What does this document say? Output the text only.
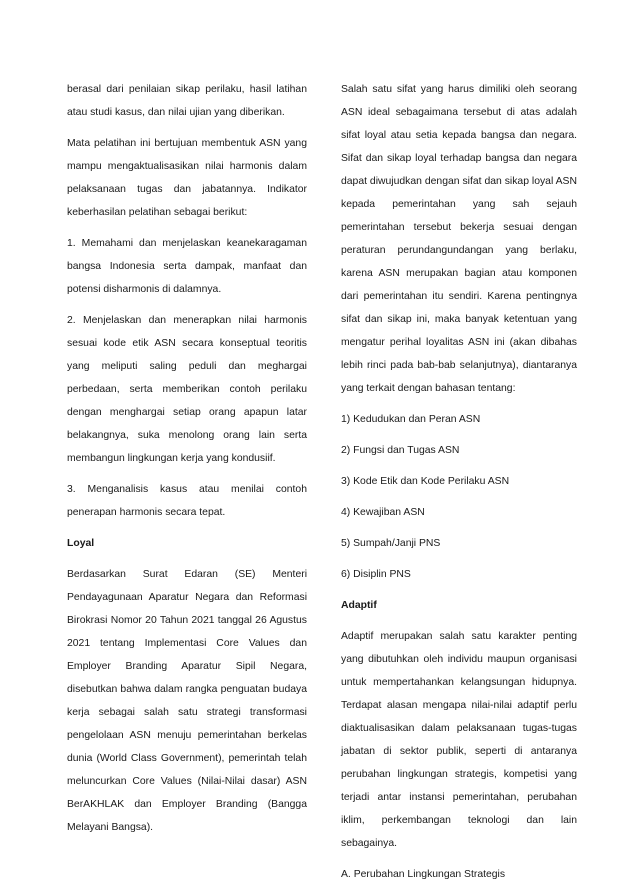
berasal dari penilaian sikap perilaku, hasil latihan atau studi kasus, dan nilai ujian yang diberikan.

Mata pelatihan ini bertujuan membentuk ASN yang mampu mengaktualisasikan nilai harmonis dalam pelaksanaan tugas dan jabatannya. Indikator keberhasilan pelatihan sebagai berikut:

1. Memahami dan menjelaskan keanekaragaman bangsa Indonesia serta dampak, manfaat dan potensi disharmonis di dalamnya.

2. Menjelaskan dan menerapkan nilai harmonis sesuai kode etik ASN secara konseptual teoritis yang meliputi saling peduli dan meghargai perbedaan, serta memberikan contoh perilaku dengan menghargai setiap orang apapun latar belakangnya, suka menolong orang lain serta membangun lingkungan kerja yang kondusiif.

3. Menganalisis kasus atau menilai contoh penerapan harmonis secara tepat.

Loyal

Berdasarkan Surat Edaran (SE) Menteri Pendayagunaan Aparatur Negara dan Reformasi Birokrasi Nomor 20 Tahun 2021 tanggal 26 Agustus 2021 tentang Implementasi Core Values dan Employer Branding Aparatur Sipil Negara, disebutkan bahwa dalam rangka penguatan budaya kerja sebagai salah satu strategi transformasi pengelolaan ASN menuju pemerintahan berkelas dunia (World Class Government), pemerintah telah meluncurkan Core Values (Nilai-Nilai dasar) ASN BerAKHLAK dan Employer Branding (Bangga Melayani Bangsa).

Salah satu sifat yang harus dimiliki oleh seorang ASN ideal sebagaimana tersebut di atas adalah sifat loyal atau setia kepada bangsa dan negara. Sifat dan sikap loyal terhadap bangsa dan negara dapat diwujudkan dengan sifat dan sikap loyal ASN kepada pemerintahan yang sah sejauh pemerintahan tersebut bekerja sesuai dengan peraturan perundangundangan yang berlaku, karena ASN merupakan bagian atau komponen dari pemerintahan itu sendiri. Karena pentingnya sifat dan sikap ini, maka banyak ketentuan yang mengatur perihal loyalitas ASN ini (akan dibahas lebih rinci pada bab-bab selanjutnya), diantaranya yang terkait dengan bahasan tentang:

1) Kedudukan dan Peran ASN

2) Fungsi dan Tugas ASN

3) Kode Etik dan Kode Perilaku ASN

4) Kewajiban ASN

5) Sumpah/Janji PNS

6) Disiplin PNS

Adaptif

Adaptif merupakan salah satu karakter penting yang dibutuhkan oleh individu maupun organisasi untuk mempertahankan kelangsungan hidupnya. Terdapat alasan mengapa nilai-nilai adaptif perlu diaktualisasikan dalam pelaksanaan tugas-tugas jabatan di sektor publik, seperti di antaranya perubahan lingkungan strategis, kompetisi yang terjadi antar instansi pemerintahan, perubahan iklim, perkembangan teknologi dan lain sebagainya.

A. Perubahan Lingkungan Strategis
